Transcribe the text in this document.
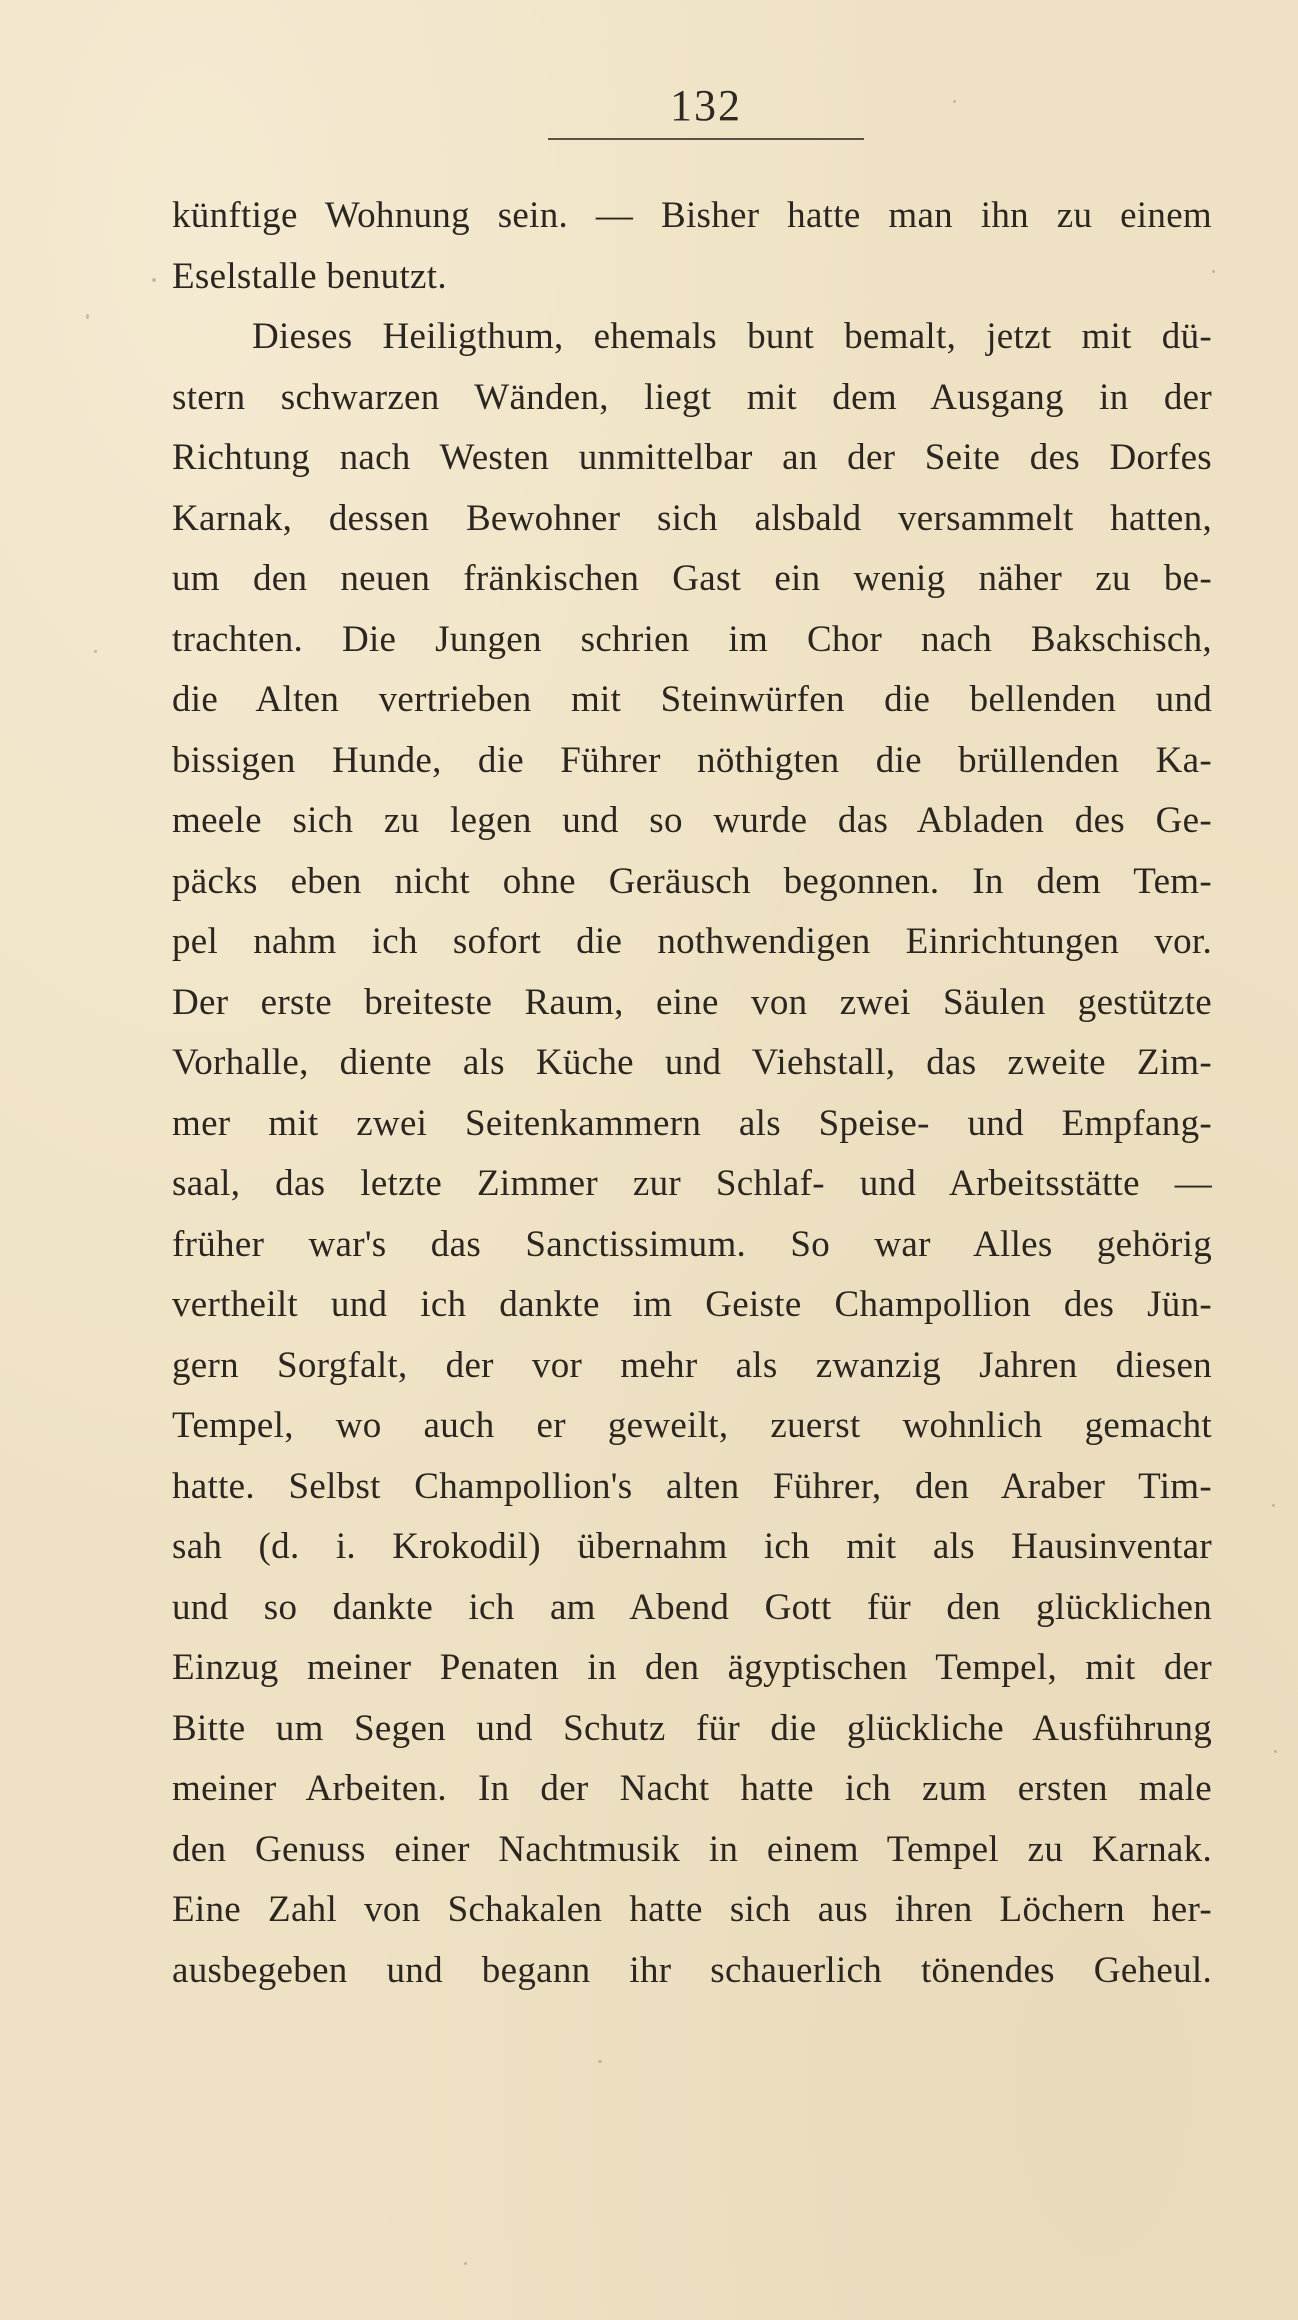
132
künftige Wohnung sein. — Bisher hatte man ihn zu einem
Eselstalle benutzt.
Dieses Heiligthum, ehemals bunt bemalt, jetzt mit dü-
stern schwarzen Wänden, liegt mit dem Ausgang in der
Richtung nach Westen unmittelbar an der Seite des Dorfes
Karnak, dessen Bewohner sich alsbald versammelt hatten,
um den neuen fränkischen Gast ein wenig näher zu be-
trachten. Die Jungen schrien im Chor nach Bakschisch,
die Alten vertrieben mit Steinwürfen die bellenden und
bissigen Hunde, die Führer nöthigten die brüllenden Ka-
meele sich zu legen und so wurde das Abladen des Ge-
päcks eben nicht ohne Geräusch begonnen. In dem Tem-
pel nahm ich sofort die nothwendigen Einrichtungen vor.
Der erste breiteste Raum, eine von zwei Säulen gestützte
Vorhalle, diente als Küche und Viehstall, das zweite Zim-
mer mit zwei Seitenkammern als Speise- und Empfang-
saal, das letzte Zimmer zur Schlaf- und Arbeitsstätte —
früher war's das Sanctissimum. So war Alles gehörig
vertheilt und ich dankte im Geiste Champollion des Jün-
gern Sorgfalt, der vor mehr als zwanzig Jahren diesen
Tempel, wo auch er geweilt, zuerst wohnlich gemacht
hatte. Selbst Champollion's alten Führer, den Araber Tim-
sah (d. i. Krokodil) übernahm ich mit als Hausinventar
und so dankte ich am Abend Gott für den glücklichen
Einzug meiner Penaten in den ägyptischen Tempel, mit der
Bitte um Segen und Schutz für die glückliche Ausführung
meiner Arbeiten. In der Nacht hatte ich zum ersten male
den Genuss einer Nachtmusik in einem Tempel zu Karnak.
Eine Zahl von Schakalen hatte sich aus ihren Löchern her-
ausbegeben und begann ihr schauerlich tönendes Geheul.
